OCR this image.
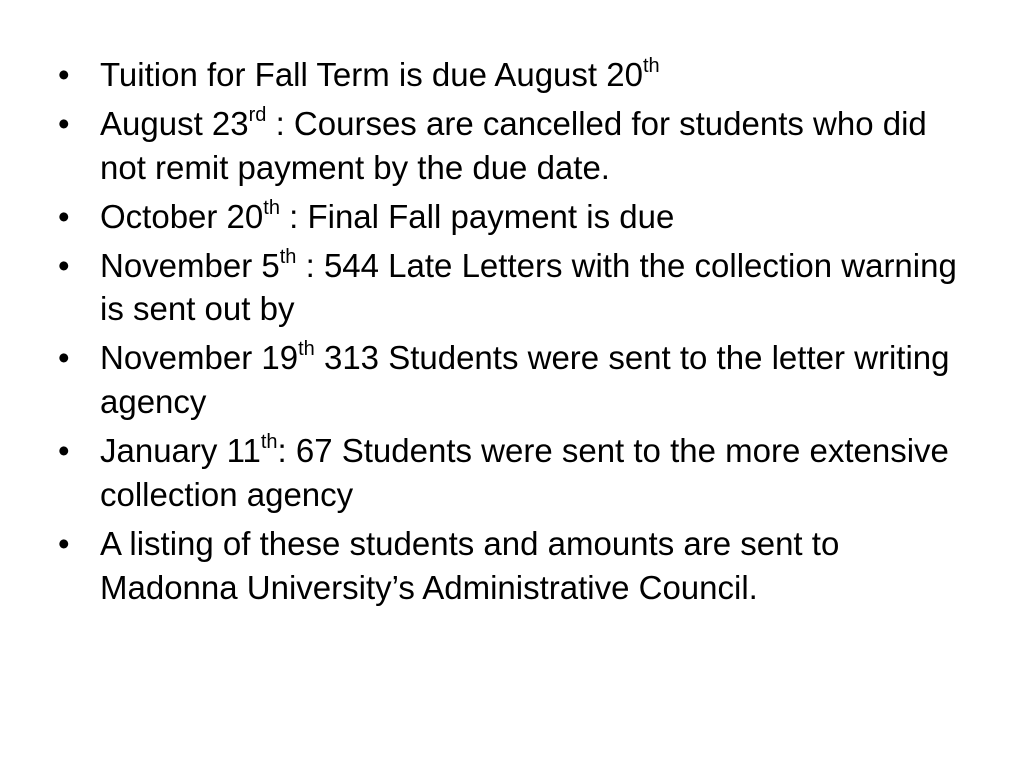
• Tuition for Fall Term is due August 20th
• August 23rd : Courses are cancelled for students who did not remit payment by the due date.
• October 20th : Final Fall payment is due
• November 5th : 544 Late Letters with the collection warning is sent out by
• November 19th 313 Students were sent to the letter writing agency
• January 11th: 67 Students were sent to the more extensive collection agency
• A listing of these students and amounts are sent to Madonna University’s Administrative Council.
